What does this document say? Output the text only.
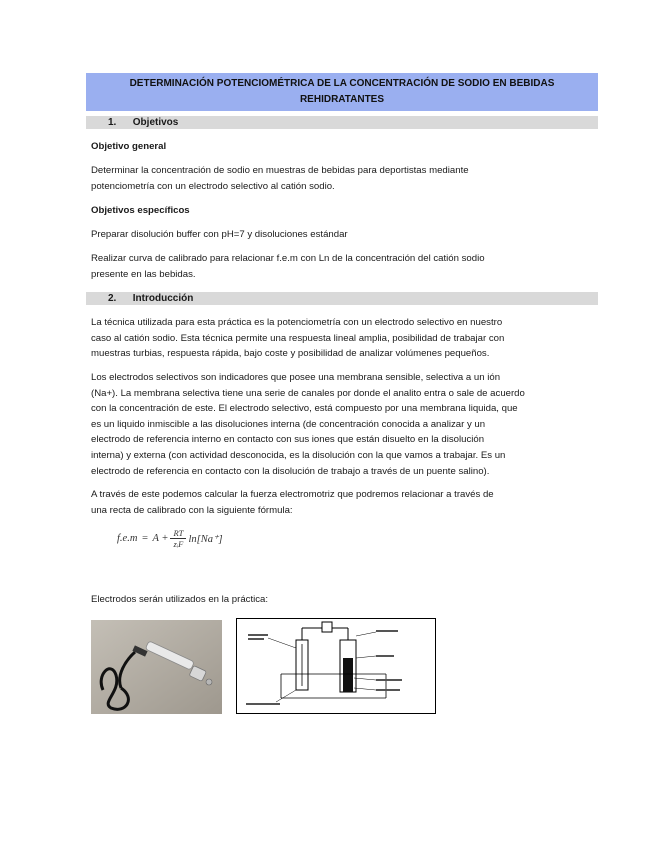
DETERMINACIÓN POTENCIOMÉTRICA DE LA CONCENTRACIÓN DE SODIO EN BEBIDAS
REHIDRATANTES
1. Objetivos
Objetivo general
Determinar la concentración de sodio en muestras de bebidas para deportistas mediante
potenciometría con un electrodo selectivo al catión sodio.
Objetivos específicos
Preparar disolución buffer con pH=7 y disoluciones estándar
Realizar curva de calibrado para relacionar f.e.m con Ln de la concentración del catión sodio
presente en las bebidas.
2. Introducción
La técnica utilizada para esta práctica es la potenciometría con un electrodo selectivo en nuestro
caso al catión sodio. Esta técnica permite una respuesta lineal amplia, posibilidad de trabajar con
muestras turbias, respuesta rápida, bajo coste y posibilidad de analizar volúmenes pequeños.
Los electrodos selectivos son indicadores que posee una membrana sensible, selectiva a un ión
(Na+). La membrana selectiva tiene una serie de canales por donde el analito entra o sale de acuerdo
con la concentración de este. El electrodo selectivo, está compuesto por una membrana liquida, que
es un liquido inmiscible a las disoluciones interna (de concentración conocida a analizar y un
electrodo de referencia interno en contacto con sus iones que están disuelto en la disolución
interna) y externa (con actividad desconocida, es la disolución con la que vamos a trabajar. Es un
electrodo de referencia en contacto con la disolución de trabajo a través de un puente salino).
A través de este podemos calcular la fuerza electromotriz que podremos relacionar a través de
una recta de calibrado con la siguiente fórmula:
$f.e.m = A + \frac{RT}{\text{zᵢF}} \ln[Na^+]$
Electrodos serán utilizados en la práctica:
